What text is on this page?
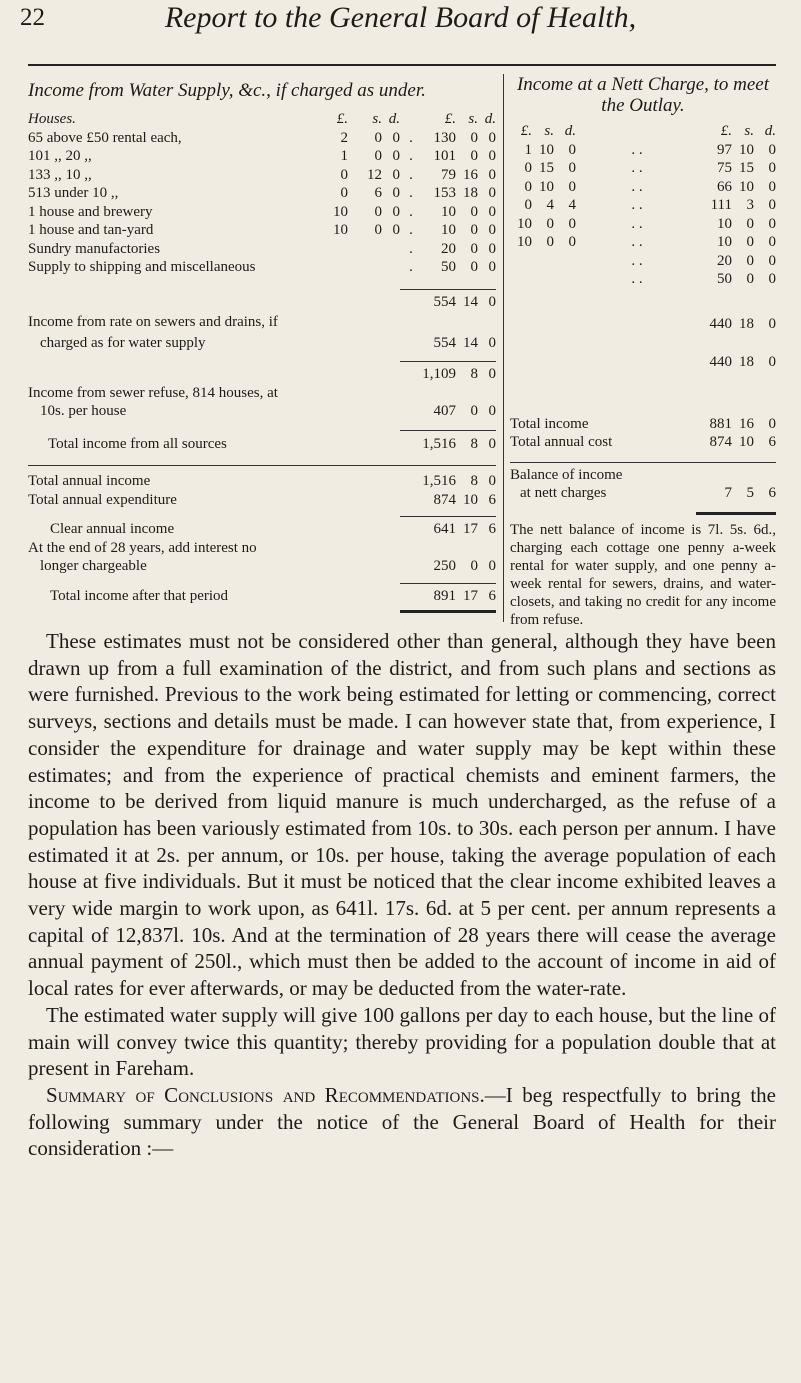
22	Report to the General Board of Health,
Income from Water Supply, &c., if charged as under.
Houses.	£.	s. d.	£. s. d.
65 above £50 rental each,	2	0 0 .	130 0 0
101 ,, 20 ,,	1	0 0 .	101 0 0
133 ,, 10 ,,	0	12 0 .	79 16 0
513 under 10 ,,	0	6 0 .	153 18 0
1 house and brewery	10	0 0 .	10 0 0
1 house and tan-yard	10	0 0 .	10 0 0
Sundry manufactories	.	20 0 0
Supply to shipping and miscellaneous	.	50 0 0
554 14 0
Income from rate on sewers and drains, if
charged as for water supply	554 14 0
1,109 8 0
Income from sewer refuse, 814 houses, at
10s. per house	407 0 0
Total income from all sources	1,516 8 0
Total annual income	1,516 8 0
Total annual expenditure	874 10 6
Clear annual income	641 17 6
At the end of 28 years, add interest no
longer chargeable	250 0 0
Total income after that period	891 17 6
Income at a Nett Charge, to meet the Outlay.
£. s. d.	£. s. d.
1 10 0	. .	97 10 0
0 15 0	. .	75 15 0
0 10 0	. .	66 10 0
0 4 4	. .	111 3 0
10 0 0	. .	10 0 0
10 0 0	. .	10 0 0
. .	20 0 0
. .	50 0 0
440 18 0
440 18 0
Total income	881 16 0
Total annual cost	874 10 6
Balance of income
at nett charges	7 5 6
The nett balance of income is 7l. 5s. 6d., charging each cottage one penny a-week rental for water supply, and one penny a-week rental for sewers, drains, and water-closets, and taking no credit for any income from refuse.

These estimates must not be considered other than general, although they have been drawn up from a full examination of the district, and from such plans and sections as were furnished. Previous to the work being estimated for letting or commencing, correct surveys, sections and details must be made. I can however state that, from experience, I consider the expenditure for drainage and water supply may be kept within these estimates; and from the experience of practical chemists and eminent farmers, the income to be derived from liquid manure is much undercharged, as the refuse of a population has been variously estimated from 10s. to 30s. each person per annum. I have estimated it at 2s. per annum, or 10s. per house, taking the average population of each house at five individuals. But it must be noticed that the clear income exhibited leaves a very wide margin to work upon, as 641l. 17s. 6d. at 5 per cent. per annum represents a capital of 12,837l. 10s. And at the termination of 28 years there will cease the average annual payment of 250l., which must then be added to the account of income in aid of local rates for ever afterwards, or may be deducted from the water-rate.

The estimated water supply will give 100 gallons per day to each house, but the line of main will convey twice this quantity; thereby providing for a population double that at present in Fareham.

Summary of Conclusions and Recommendations.—I beg respectfully to bring the following summary under the notice of the General Board of Health for their consideration :—
